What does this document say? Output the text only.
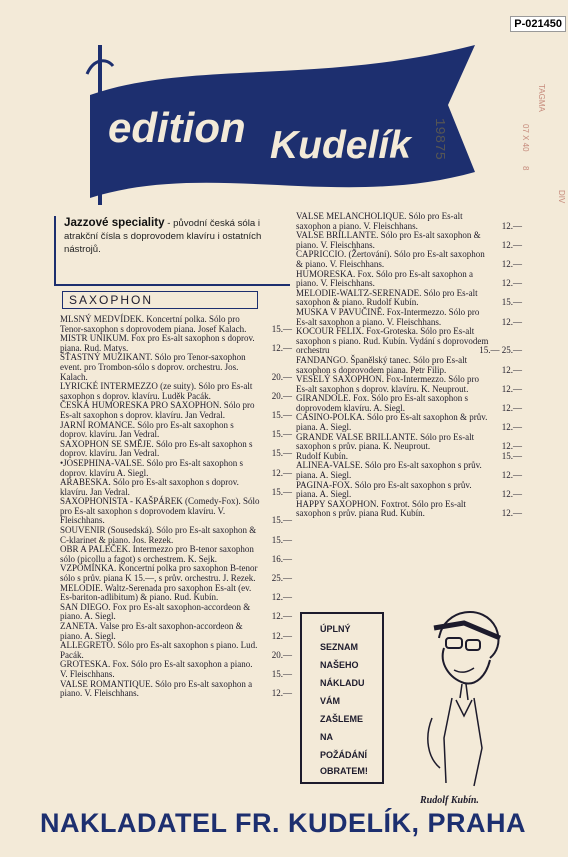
P-021450
TAGMA
07 X 40
8
DIV
edition Kudelík 19875
Jazzové speciality - původní česká sóla i atrakční čísla s doprovodem klavíru i ostatních nástrojů.
SAXOPHON
MLSNÝ MEDVÍDEK. Koncertní polka. Sólo pro Tenor-saxophon s doprovodem piana. Josef Kalach.	15.—
MISTR UNIKUM. Fox pro Es-alt saxophon s doprov. piana. Rud. Matys.	12.—
ŠŤASTNÝ MUZIKANT. Sólo pro Tenor-saxophon event. pro Trombon-sólo s doprov. orchestru. Jos. Kalach.	20.—
LYRICKÉ INTERMEZZO (ze suity). Sólo pro Es-alt saxophon s doprov. klavíru. Luděk Pacák.	20.—
ČESKÁ HUMORESKA PRO SAXOPHON. Sólo pro Es-alt saxophon s doprov. klavíru. Jan Vedral.	15.—
JARNÍ ROMANCE. Sólo pro Es-alt saxophon s doprov. klavíru. Jan Vedral.	15.—
SAXOPHON SE SMĚJE. Sólo pro Es-alt saxophon s doprov. klavíru. Jan Vedral.	15.—
•JOSEPHINA-VALSE. Sólo pro Es-alt saxophon s doprov. klavíru A. Siegl.	12.—
ARABESKA. Sólo pro Es-alt saxophon s doprov. klavíru. Jan Vedral.	15.—
SAXOPHONISTA - KAŠPÁREK (Comedy-Fox). Sólo pro Es-alt saxophon s doprovodem klavíru. V. Fleischhans.	15.—
SOUVENIR (Sousedská). Sólo pro Es-alt saxophon & C-klarinet & piano. Jos. Rezek.	15.—
OBR A PALEČEK. Intermezzo pro B-tenor saxophon sólo (picollu a fagot) s orchestrem. K. Sejk.	16.—
VZPOMÍNKA. Koncertní polka pro saxophon B-tenor sólo s prův. piana K 15.—, s prův. orchestru. J. Rezek.	25.—
MELODIE. Waltz-Serenada pro saxophon Es-alt (ev. Es-bariton-adlibitum) & piano. Rud. Kubín.	12.—
SAN DIEGO. Fox pro Es-alt saxophon-accordeon & piano. A. Siegl.	12.—
ZANETA. Valse pro Es-alt saxophon-accordeon & piano. A. Siegl.	12.—
ALLEGRETO. Sólo pro Es-alt saxophon s piano. Lud. Pacák.	20.—
GROTESKA. Fox. Sólo pro Es-alt saxophon a piano. V. Fleischhans.	15.—
VALSE ROMANTIQUE. Sólo pro Es-alt saxophon a piano. V. Fleischhans.	12.—
VALSE MELANCHOLIQUE. Sólo pro Es-alt saxophon a piano. V. Fleischhans.	12.—
VALSE BRILLANTE. Sólo pro Es-alt saxophon & piano. V. Fleischhans.	12.—
CAPRICCIO. (Žertování). Sólo pro Es-alt saxophon & piano. V. Fleischhans.	12.—
HUMORESKA. Fox. Sólo pro Es-alt saxophon a piano. V. Fleischhans.	12.—
MELODIE-WALTZ-SERENADE. Sólo pro Es-alt saxophon & piano. Rudolf Kubín.	15.—
MUSKA V PAVUČINĚ. Fox-Intermezzo. Sólo pro Es-alt saxophon a piano. V. Fleischhans.	12.—
KOCOUR FELIX. Fox-Groteska. Sólo pro Es-alt saxophon s piano. Rud. Kubín. Vydání s doprovodem orchestru	15.— 25.—
FANDANGO. Španělský tanec. Sólo pro Es-alt saxophon s doprovodem piana. Petr Filip.	12.—
VESELÝ SAXOPHON. Fox-Intermezzo. Sólo pro Es-alt saxophon s doprov. klavíru. K. Neuprout.	12.—
GIRANDOLE. Fox. Sólo pro Es-alt saxophon s doprovodem klavíru. A. Siegl.	12.—
CASINO-POLKA. Sólo pro Es-alt saxophon & prův. piana. A. Siegl.	12.—
GRANDE VALSE BRILLANTE. Sólo pro Es-alt saxophon s prův. piana. K. Neuprout.	12.—
Rudolf Kubín.	15.—
ALINEA-VALSE. Sólo pro Es-alt saxophon s prův. piana. A. Siegl.	12.—
PAGINA-FOX. Sólo pro Es-alt saxophon s prův. piana. A. Siegl.	12.—
HAPPY SAXOPHON. Foxtrot. Sólo pro Es-alt saxophon s prův. piana Rud. Kubín.	12.—
ÚPLNÝ
SEZNAM
NAŠEHO
NÁKLADU
VÁM
ZAŠLEME
NA
POŽÁDÁNÍ
OBRATEM!
Rudolf Kubín.
NAKLADATEL FR. KUDELÍK, PRAHA
